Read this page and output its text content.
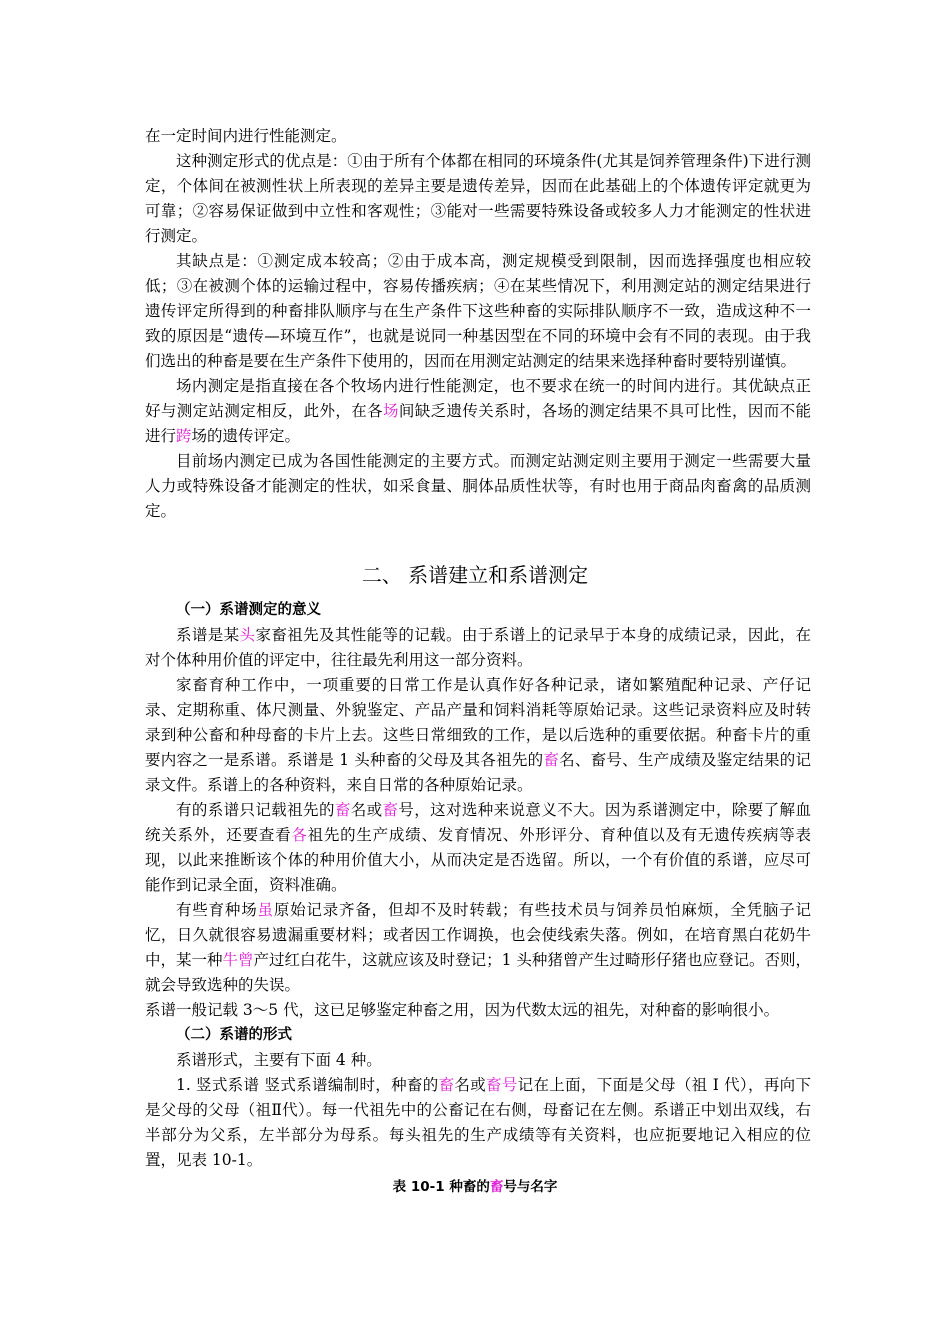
在一定时间内进行性能测定。

这种测定形式的优点是：①由于所有个体都在相同的环境条件(尤其是饲养管理条件)下进行测定，个体间在被测性状上所表现的差异主要是遗传差异，因而在此基础上的个体遗传评定就更为可靠；②容易保证做到中立性和客观性；③能对一些需要特殊设备或较多人力才能测定的性状进行测定。

其缺点是：①测定成本较高；②由于成本高，测定规模受到限制，因而选择强度也相应较低；③在被测个体的运输过程中，容易传播疾病；④在某些情况下，利用测定站的测定结果进行遗传评定所得到的种畜排队顺序与在生产条件下这些种畜的实际排队顺序不一致，造成这种不一致的原因是“遗传—环境互作”，也就是说同一种基因型在不同的环境中会有不同的表现。由于我们选出的种畜是要在生产条件下使用的，因而在用测定站测定的结果来选择种畜时要特别谨慎。

场内测定是指直接在各个牧场内进行性能测定，也不要求在统一的时间内进行。其优缺点正好与测定站测定相反，此外，在各场间缺乏遗传关系时，各场的测定结果不具可比性，因而不能进行跨场的遗传评定。

目前场内测定已成为各国性能测定的主要方式。而测定站测定则主要用于测定一些需要大量人力或特殊设备才能测定的性状，如采食量、胴体品质性状等，有时也用于商品肉畜禽的品质测定。

二、 系谱建立和系谱测定

（一）系谱测定的意义

系谱是某头家畜祖先及其性能等的记载。由于系谱上的记录早于本身的成绩记录，因此，在对个体种用价值的评定中，往往最先利用这一部分资料。

家畜育种工作中，一项重要的日常工作是认真作好各种记录，诸如繁殖配种记录、产仔记录、定期称重、体尺测量、外貌鉴定、产品产量和饲料消耗等原始记录。这些记录资料应及时转录到种公畜和种母畜的卡片上去。这些日常细致的工作，是以后选种的重要依据。种畜卡片的重要内容之一是系谱。系谱是 1 头种畜的父母及其各祖先的畜名、畜号、生产成绩及鉴定结果的记录文件。系谱上的各种资料，来自日常的各种原始记录。

有的系谱只记载祖先的畜名或畜号，这对选种来说意义不大。因为系谱测定中，除要了解血统关系外，还要查看各祖先的生产成绩、发育情况、外形评分、育种值以及有无遗传疾病等表现，以此来推断该个体的种用价值大小，从而决定是否选留。所以，一个有价值的系谱，应尽可能作到记录全面，资料准确。

有些育种场虽原始记录齐备，但却不及时转载；有些技术员与饲养员怕麻烦，全凭脑子记忆，日久就很容易遗漏重要材料；或者因工作调换，也会使线索失落。例如，在培育黑白花奶牛中，某一种牛曾产过红白花牛，这就应该及时登记；1 头种猪曾产生过畸形仔猪也应登记。否则，就会导致选种的失误。

系谱一般记载 3～5 代，这已足够鉴定种畜之用，因为代数太远的祖先，对种畜的影响很小。

（二）系谱的形式

系谱形式，主要有下面 4 种。

1. 竖式系谱 竖式系谱编制时，种畜的畜名或畜号记在上面，下面是父母（祖 I 代），再向下是父母的父母（祖Ⅱ代）。每一代祖先中的公畜记在右侧，母畜记在左侧。系谱正中划出双线，右半部分为父系，左半部分为母系。每头祖先的生产成绩等有关资料，也应扼要地记入相应的位置，见表 10-1。

表 10-1 种畜的畜号与名字
